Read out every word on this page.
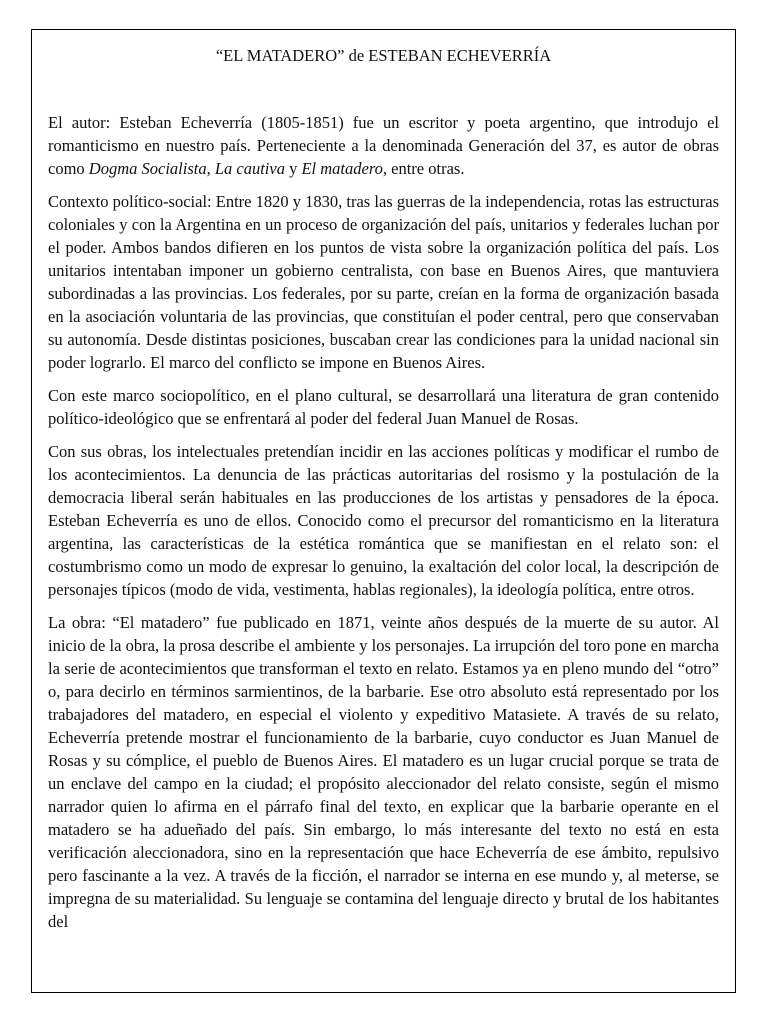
“EL MATADERO” de ESTEBAN ECHEVERRÍA

El autor: Esteban Echeverría (1805-1851) fue un escritor y poeta argentino, que introdujo el romanticismo en nuestro país. Perteneciente a la denominada Generación del 37, es autor de obras como Dogma Socialista, La cautiva y El matadero, entre otras.

Contexto político-social: Entre 1820 y 1830, tras las guerras de la independencia, rotas las estructuras coloniales y con la Argentina en un proceso de organización del país, unitarios y federales luchan por el poder. Ambos bandos difieren en los puntos de vista sobre la organización política del país. Los unitarios intentaban imponer un gobierno centralista, con base en Buenos Aires, que mantuviera subordinadas a las provincias. Los federales, por su parte, creían en la forma de organización basada en la asociación voluntaria de las provincias, que constituían el poder central, pero que conservaban su autonomía. Desde distintas posiciones, buscaban crear las condiciones para la unidad nacional sin poder lograrlo. El marco del conflicto se impone en Buenos Aires.

Con este marco sociopolítico, en el plano cultural, se desarrollará una literatura de gran contenido político-ideológico que se enfrentará al poder del federal Juan Manuel de Rosas.

Con sus obras, los intelectuales pretendían incidir en las acciones políticas y modificar el rumbo de los acontecimientos. La denuncia de las prácticas autoritarias del rosismo y la postulación de la democracia liberal serán habituales en las producciones de los artistas y pensadores de la época. Esteban Echeverría es uno de ellos. Conocido como el precursor del romanticismo en la literatura argentina, las características de la estética romántica que se manifiestan en el relato son: el costumbrismo como un modo de expresar lo genuino, la exaltación del color local, la descripción de personajes típicos (modo de vida, vestimenta, hablas regionales), la ideología política, entre otros.

La obra: “El matadero” fue publicado en 1871, veinte años después de la muerte de su autor. Al inicio de la obra, la prosa describe el ambiente y los personajes. La irrupción del toro pone en marcha la serie de acontecimientos que transforman el texto en relato. Estamos ya en pleno mundo del “otro” o, para decirlo en términos sarmientinos, de la barbarie. Ese otro absoluto está representado por los trabajadores del matadero, en especial el violento y expeditivo Matasiete. A través de su relato, Echeverría pretende mostrar el funcionamiento de la barbarie, cuyo conductor es Juan Manuel de Rosas y su cómplice, el pueblo de Buenos Aires. El matadero es un lugar crucial porque se trata de un enclave del campo en la ciudad; el propósito aleccionador del relato consiste, según el mismo narrador quien lo afirma en el párrafo final del texto, en explicar que la barbarie operante en el matadero se ha adueñado del país. Sin embargo, lo más interesante del texto no está en esta verificación aleccionadora, sino en la representación que hace Echeverría de ese ámbito, repulsivo pero fascinante a la vez. A través de la ficción, el narrador se interna en ese mundo y, al meterse, se impregna de su materialidad. Su lenguaje se contamina del lenguaje directo y brutal de los habitantes del
